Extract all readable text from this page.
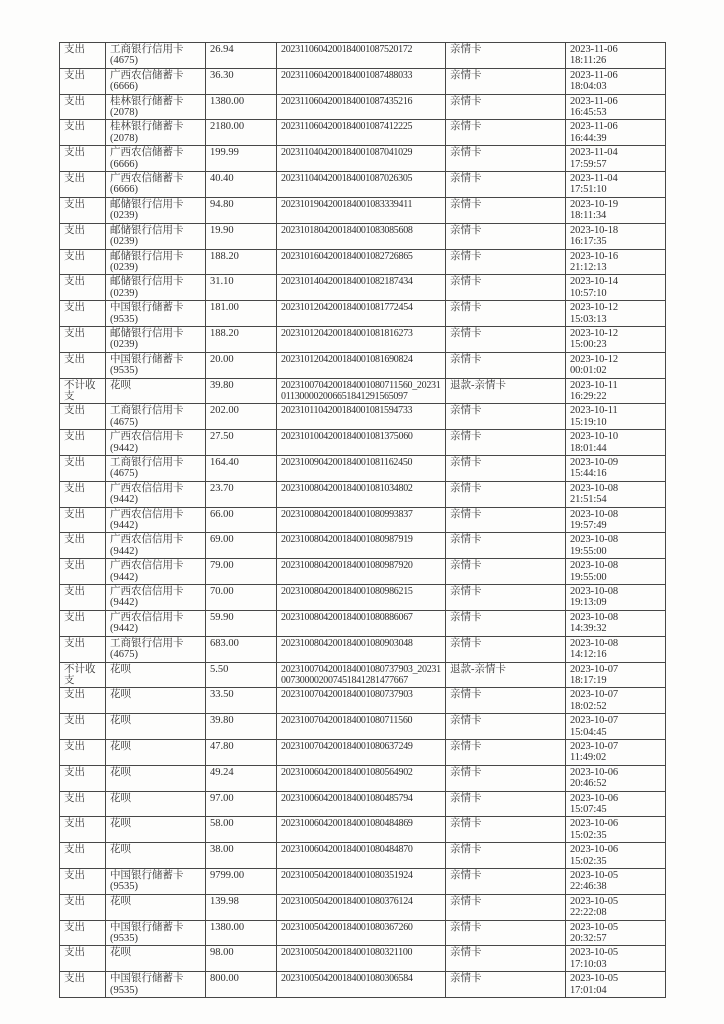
支出	工商银行信用卡
(4675)
	26.94	2023110604200184001087520172	亲情卡	2023-11-06
18:11:26

支出	广西农信储蓄卡
(6666)
	36.30	2023110604200184001087488033	亲情卡	2023-11-06
18:04:03

支出	桂林银行储蓄卡
(2078)
	1380.00	2023110604200184001087435216	亲情卡	2023-11-06
16:45:53

支出	桂林银行储蓄卡
(2078)
	2180.00	2023110604200184001087412225	亲情卡	2023-11-06
16:44:39

支出	广西农信储蓄卡
(6666)
	199.99	2023110404200184001087041029	亲情卡	2023-11-04
17:59:57

支出	广西农信储蓄卡
(6666)
	40.40	2023110404200184001087026305	亲情卡	2023-11-04
17:51:10

支出	邮储银行信用卡
(0239)
	94.80	2023101904200184001083339411	亲情卡	2023-10-19
18:11:34

支出	邮储银行信用卡
(0239)
	19.90	2023101804200184001083085608	亲情卡	2023-10-18
16:17:35

支出	邮储银行信用卡
(0239)
	188.20	2023101604200184001082726865	亲情卡	2023-10-16
21:12:13

支出	邮储银行信用卡
(0239)
	31.10	2023101404200184001082187434	亲情卡	2023-10-14
10:57:10

支出	中国银行储蓄卡
(9535)
	181.00	2023101204200184001081772454	亲情卡	2023-10-12
15:03:13

支出	邮储银行信用卡
(0239)
	188.20	2023101204200184001081816273	亲情卡	2023-10-12
15:00:23

支出	中国银行储蓄卡
(9535)
	20.00	2023101204200184001081690824	亲情卡	2023-10-12
00:01:02

不计收支	花呗	39.80	2023100704200184001080711560_20231011300002006651841291565097	退款-亲情卡	2023-10-11
16:29:22

支出	工商银行信用卡
(4675)
	202.00	2023101104200184001081594733	亲情卡	2023-10-11
15:19:10

支出	广西农信信用卡
(9442)
	27.50	2023101004200184001081375060	亲情卡	2023-10-10
18:01:44

支出	工商银行信用卡
(4675)
	164.40	2023100904200184001081162450	亲情卡	2023-10-09
15:44:16

支出	广西农信信用卡
(9442)
	23.70	2023100804200184001081034802	亲情卡	2023-10-08
21:51:54

支出	广西农信信用卡
(9442)
	66.00	2023100804200184001080993837	亲情卡	2023-10-08
19:57:49

支出	广西农信信用卡
(9442)
	69.00	2023100804200184001080987919	亲情卡	2023-10-08
19:55:00

支出	广西农信信用卡
(9442)
	79.00	2023100804200184001080987920	亲情卡	2023-10-08
19:55:00

支出	广西农信信用卡
(9442)
	70.00	2023100804200184001080986215	亲情卡	2023-10-08
19:13:09

支出	广西农信信用卡
(9442)
	59.90	2023100804200184001080886067	亲情卡	2023-10-08
14:39:32

支出	工商银行信用卡
(4675)
	683.00	2023100804200184001080903048	亲情卡	2023-10-08
14:12:16

不计收支	花呗	5.50	2023100704200184001080737903_20231007300002007451841281477667	退款-亲情卡	2023-10-07
18:17:19

支出	花呗	33.50	2023100704200184001080737903	亲情卡	2023-10-07
18:02:52

支出	花呗	39.80	2023100704200184001080711560	亲情卡	2023-10-07
15:04:45

支出	花呗	47.80	2023100704200184001080637249	亲情卡	2023-10-07
11:49:02

支出	花呗	49.24	2023100604200184001080564902	亲情卡	2023-10-06
20:46:52

支出	花呗	97.00	2023100604200184001080485794	亲情卡	2023-10-06
15:07:45

支出	花呗	58.00	2023100604200184001080484869	亲情卡	2023-10-06
15:02:35

支出	花呗	38.00	2023100604200184001080484870	亲情卡	2023-10-06
15:02:35

支出	中国银行储蓄卡
(9535)
	9799.00	2023100504200184001080351924	亲情卡	2023-10-05
22:46:38

支出	花呗	139.98	2023100504200184001080376124	亲情卡	2023-10-05
22:22:08

支出	中国银行储蓄卡
(9535)
	1380.00	2023100504200184001080367260	亲情卡	2023-10-05
20:32:57

支出	花呗	98.00	2023100504200184001080321100	亲情卡	2023-10-05
17:10:03

支出	中国银行储蓄卡
(9535)
	800.00	2023100504200184001080306584	亲情卡	2023-10-05
17:01:04
